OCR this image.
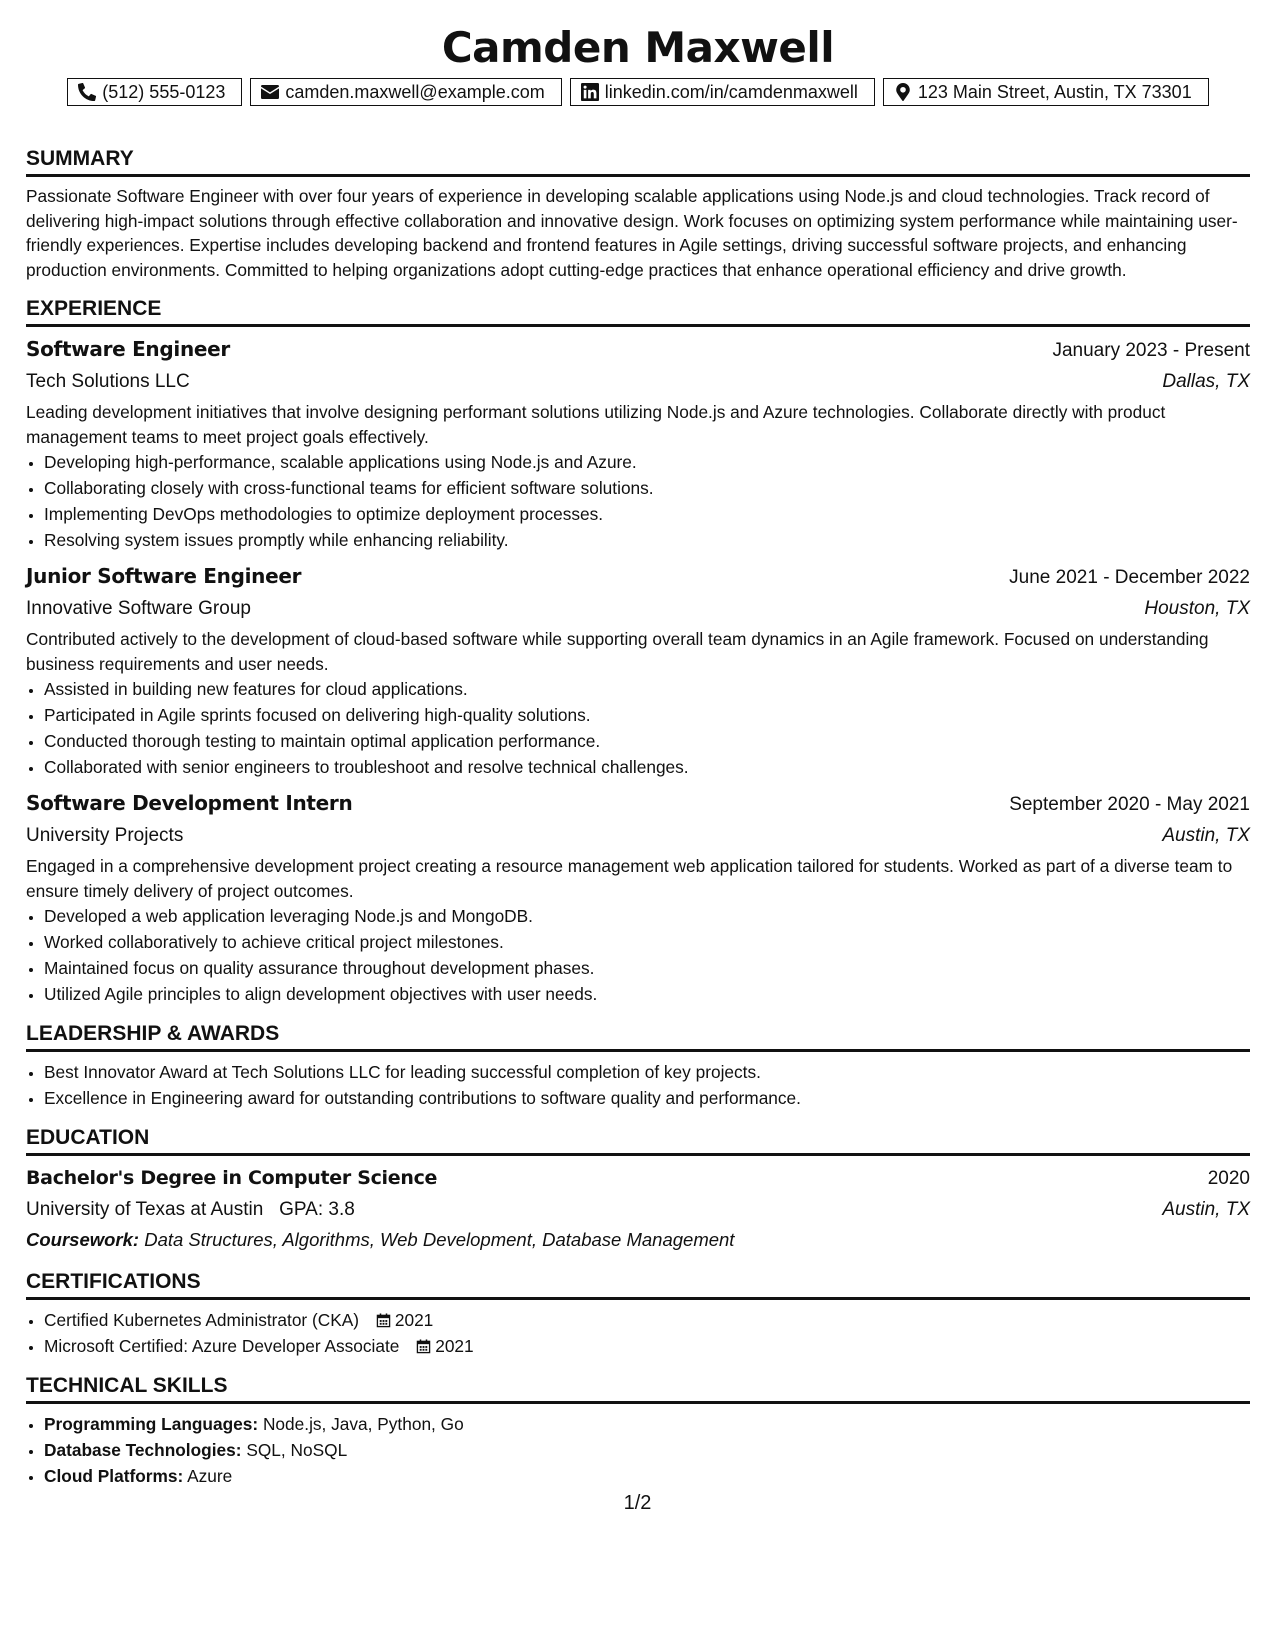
Camden Maxwell
(512) 555-0123	camden.maxwell@example.com	linkedin.com/in/camdenmaxwell	123 Main Street, Austin, TX 73301
SUMMARY

Passionate Software Engineer with over four years of experience in developing scalable applications using Node.js and cloud technologies. Track record of delivering high-impact solutions through effective collaboration and innovative design. Work focuses on optimizing system performance while maintaining user-friendly experiences. Expertise includes developing backend and frontend features in Agile settings, driving successful software projects, and enhancing production environments. Committed to helping organizations adopt cutting-edge practices that enhance operational efficiency and drive growth.

EXPERIENCE
Software Engineer	January 2023 - Present
Tech Solutions LLC	Dallas, TX

Leading development initiatives that involve designing performant solutions utilizing Node.js and Azure technologies. Collaborate directly with product management teams to meet project goals effectively.

• Developing high-performance, scalable applications using Node.js and Azure.
• Collaborating closely with cross-functional teams for efficient software solutions.
• Implementing DevOps methodologies to optimize deployment processes.
• Resolving system issues promptly while enhancing reliability.
Junior Software Engineer	June 2021 - December 2022
Innovative Software Group	Houston, TX

Contributed actively to the development of cloud-based software while supporting overall team dynamics in an Agile framework. Focused on understanding business requirements and user needs.

• Assisted in building new features for cloud applications.
• Participated in Agile sprints focused on delivering high-quality solutions.
• Conducted thorough testing to maintain optimal application performance.
• Collaborated with senior engineers to troubleshoot and resolve technical challenges.
Software Development Intern	September 2020 - May 2021
University Projects	Austin, TX

Engaged in a comprehensive development project creating a resource management web application tailored for students. Worked as part of a diverse team to ensure timely delivery of project outcomes.

• Developed a web application leveraging Node.js and MongoDB.
• Worked collaboratively to achieve critical project milestones.
• Maintained focus on quality assurance throughout development phases.
• Utilized Agile principles to align development objectives with user needs.
LEADERSHIP & AWARDS
• Best Innovator Award at Tech Solutions LLC for leading successful completion of key projects.
• Excellence in Engineering award for outstanding contributions to software quality and performance.
EDUCATION
Bachelor's Degree in Computer Science	2020
University of Texas at Austin GPA: 3.8	Austin, TX
Coursework: Data Structures, Algorithms, Web Development, Database Management
CERTIFICATIONS
• Certified Kubernetes Administrator (CKA) 2021
• Microsoft Certified: Azure Developer Associate 2021
TECHNICAL SKILLS
• Programming Languages: Node.js, Java, Python, Go
• Database Technologies: SQL, NoSQL
• Cloud Platforms: Azure
1/2
